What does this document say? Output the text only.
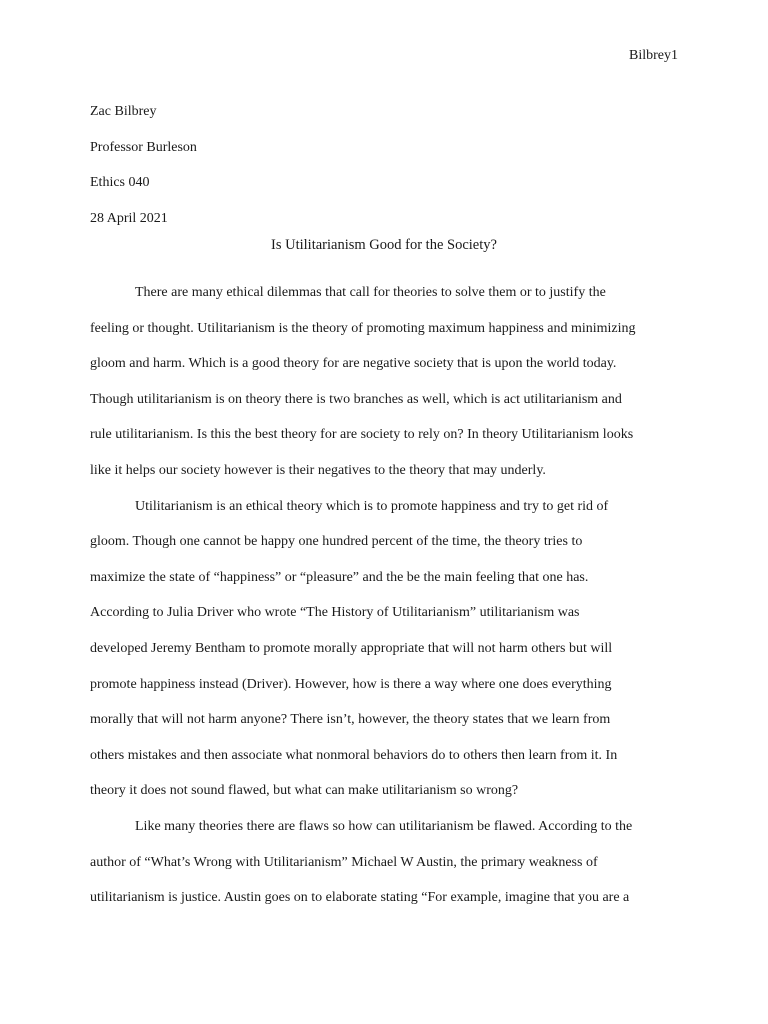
Bilbrey1
Zac Bilbrey
Professor Burleson
Ethics 040
28 April 2021
Is Utilitarianism Good for the Society?
There are many ethical dilemmas that call for theories to solve them or to justify the
feeling or thought. Utilitarianism is the theory of promoting maximum happiness and minimizing
gloom and harm. Which is a good theory for are negative society that is upon the world today.
Though utilitarianism is on theory there is two branches as well, which is act utilitarianism and
rule utilitarianism. Is this the best theory for are society to rely on? In theory Utilitarianism looks
like it helps our society however is their negatives to the theory that may underly.
Utilitarianism is an ethical theory which is to promote happiness and try to get rid of
gloom. Though one cannot be happy one hundred percent of the time, the theory tries to
maximize the state of “happiness” or “pleasure” and the be the main feeling that one has.
According to Julia Driver who wrote “The History of Utilitarianism” utilitarianism was
developed Jeremy Bentham to promote morally appropriate that will not harm others but will
promote happiness instead (Driver). However, how is there a way where one does everything
morally that will not harm anyone? There isn’t, however, the theory states that we learn from
others mistakes and then associate what nonmoral behaviors do to others then learn from it. In
theory it does not sound flawed, but what can make utilitarianism so wrong?
Like many theories there are flaws so how can utilitarianism be flawed. According to the
author of “What’s Wrong with Utilitarianism” Michael W Austin, the primary weakness of
utilitarianism is justice. Austin goes on to elaborate stating “For example, imagine that you are a
